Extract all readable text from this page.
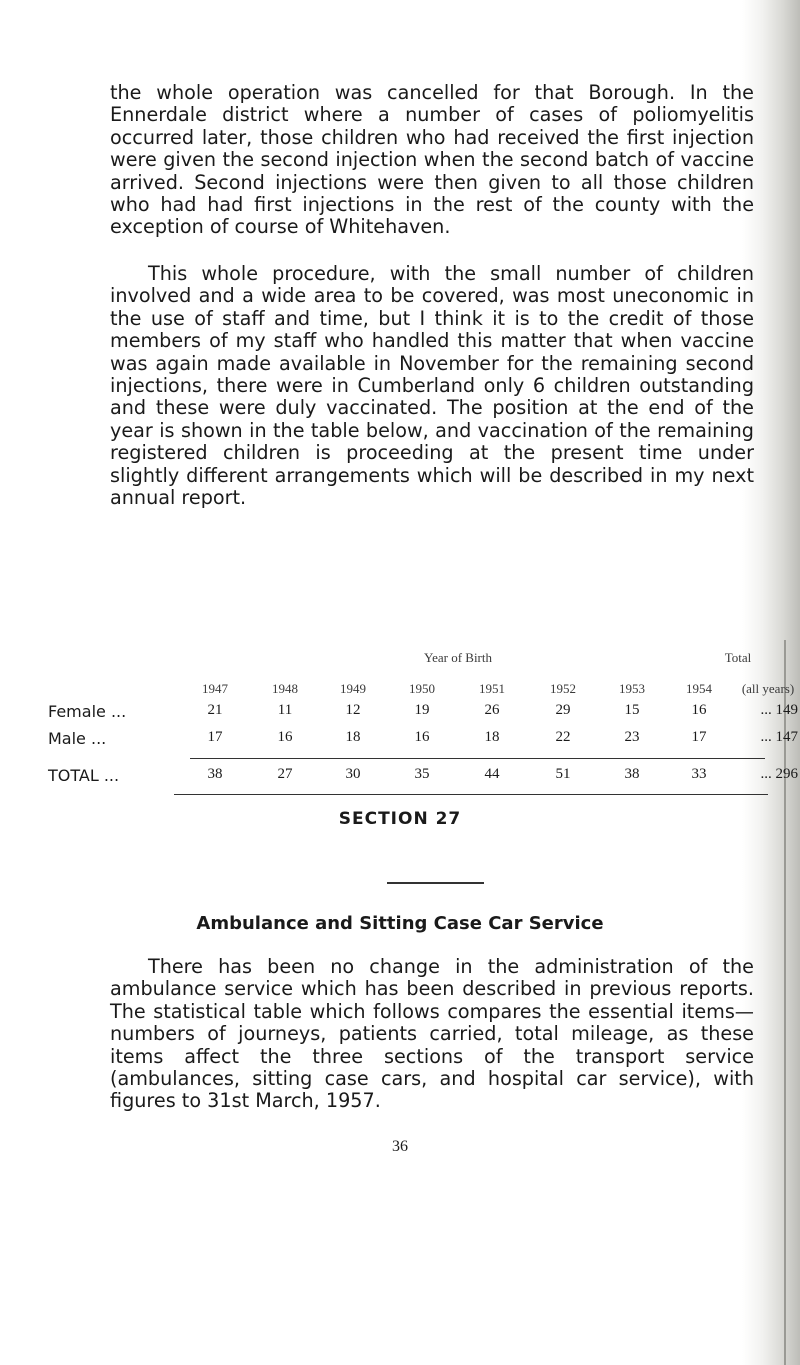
the whole operation was cancelled for that Borough. In the Ennerdale district where a number of cases of poliomyelitis occurred later, those children who had received the first injection were given the second injection when the second batch of vaccine arrived. Second injections were then given to all those children who had had first injections in the rest of the county with the exception of course of Whitehaven.

This whole procedure, with the small number of children involved and a wide area to be covered, was most uneconomic in the use of staff and time, but I think it is to the credit of those members of my staff who handled this matter that when vaccine was again made available in November for the remaining second injections, there were in Cumberland only 6 children outstanding and these were duly vaccinated. The position at the end of the year is shown in the table below, and vaccination of the remaining registered children is proceeding at the present time under slightly different arrangements which will be described in my next annual report.

Year of Birth	Total
1947	1948	1949	1950	1951	1952	1953	1954	(all years)
Female ...	21	11	12	19	26	29	15	16	... 149
Male ...	17	16	18	16	18	22	23	17	... 147
TOTAL ...	38	27	30	35	44	51	38	33	... 296
SECTION 27
Ambulance and Sitting Case Car Service

There has been no change in the administration of the ambulance service which has been described in previous reports. The statistical table which follows compares the essential items—numbers of journeys, patients carried, total mileage, as these items affect the three sections of the transport service (ambulances, sitting case cars, and hospital car service), with figures to 31st March, 1957.

36
